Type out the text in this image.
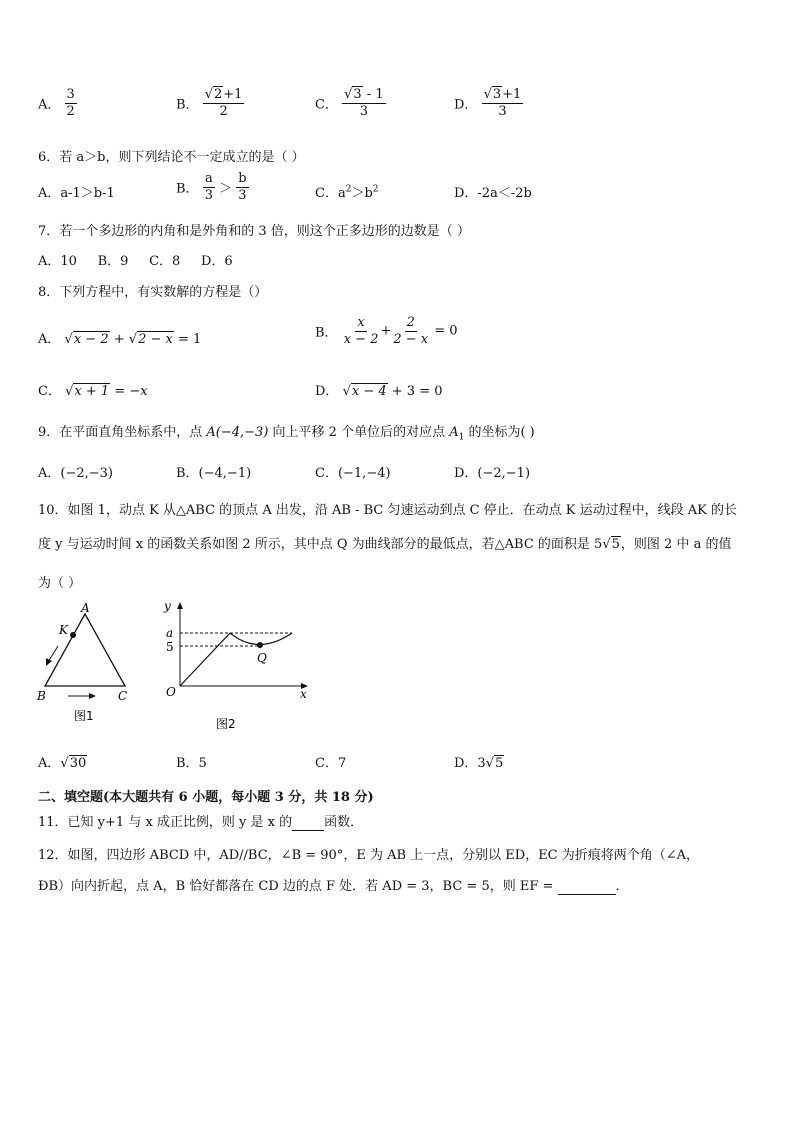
A． $\frac{3}{2}$	B． $\frac{√2+1}{2}$	C． $\frac{√3 - 1}{3}$	D． $\frac{√3+1}{3}$
6．若 a＞b，则下列结论不一定成立的是（ ）
A．a-1＞b-1	B． $\frac{a}{3} > \frac{b}{3}$	C．$a^2>b^2$	D．-2a＜-2b
7．若一个多边形的内角和是外角和的 3 倍，则这个正多边形的边数是（ ）
A．10     B．9     C．8     D．6
8．下列方程中，有实数解的方程是（）
A． √x − 2 + √2 − x = 1	B． $\frac{x}{x - 2} + \frac{2}{2 - x} = 0$
C． √x + 1 = −x	D． √x − 4 + 3 = 0
9．在平面直角坐标系中，点 A(−4,−3) 向上平移 2 个单位后的对应点 $A_1$ 的坐标为( )
A．(−2,−3)	B．(−4,−1)	C．(−1,−4)	D．(−2,−1)
10．如图 1，动点 K 从△ABC 的顶点 A 出发，沿 AB - BC 匀速运动到点 C 停止．在动点 K 运动过程中，线段 AK 的长
度 y 与运动时间 x 的函数关系如图 2 所示，其中点 Q 为曲线部分的最低点，若△ABC 的面积是 5√5，则图 2 中 a 的值
为（ ）
A
K
B	C
图1
y
a
5
Q
O	x
图2
A．√30	B．5	C．7	D．3√5
二、填空题(本大题共有 6 小题，每小题 3 分，共 18 分)
11．已知 y+1 与 x 成正比例，则 y 是 x 的 函数．
12．如图，四边形 ABCD 中，AD//BC，∠B = 90°，E 为 AB 上一点，分别以 ED，EC 为折痕将两个角（∠A，
ÐB）向内折起，点 A，B 恰好都落在 CD 边的点 F 处．若 AD = 3，BC = 5，则 EF =	．
